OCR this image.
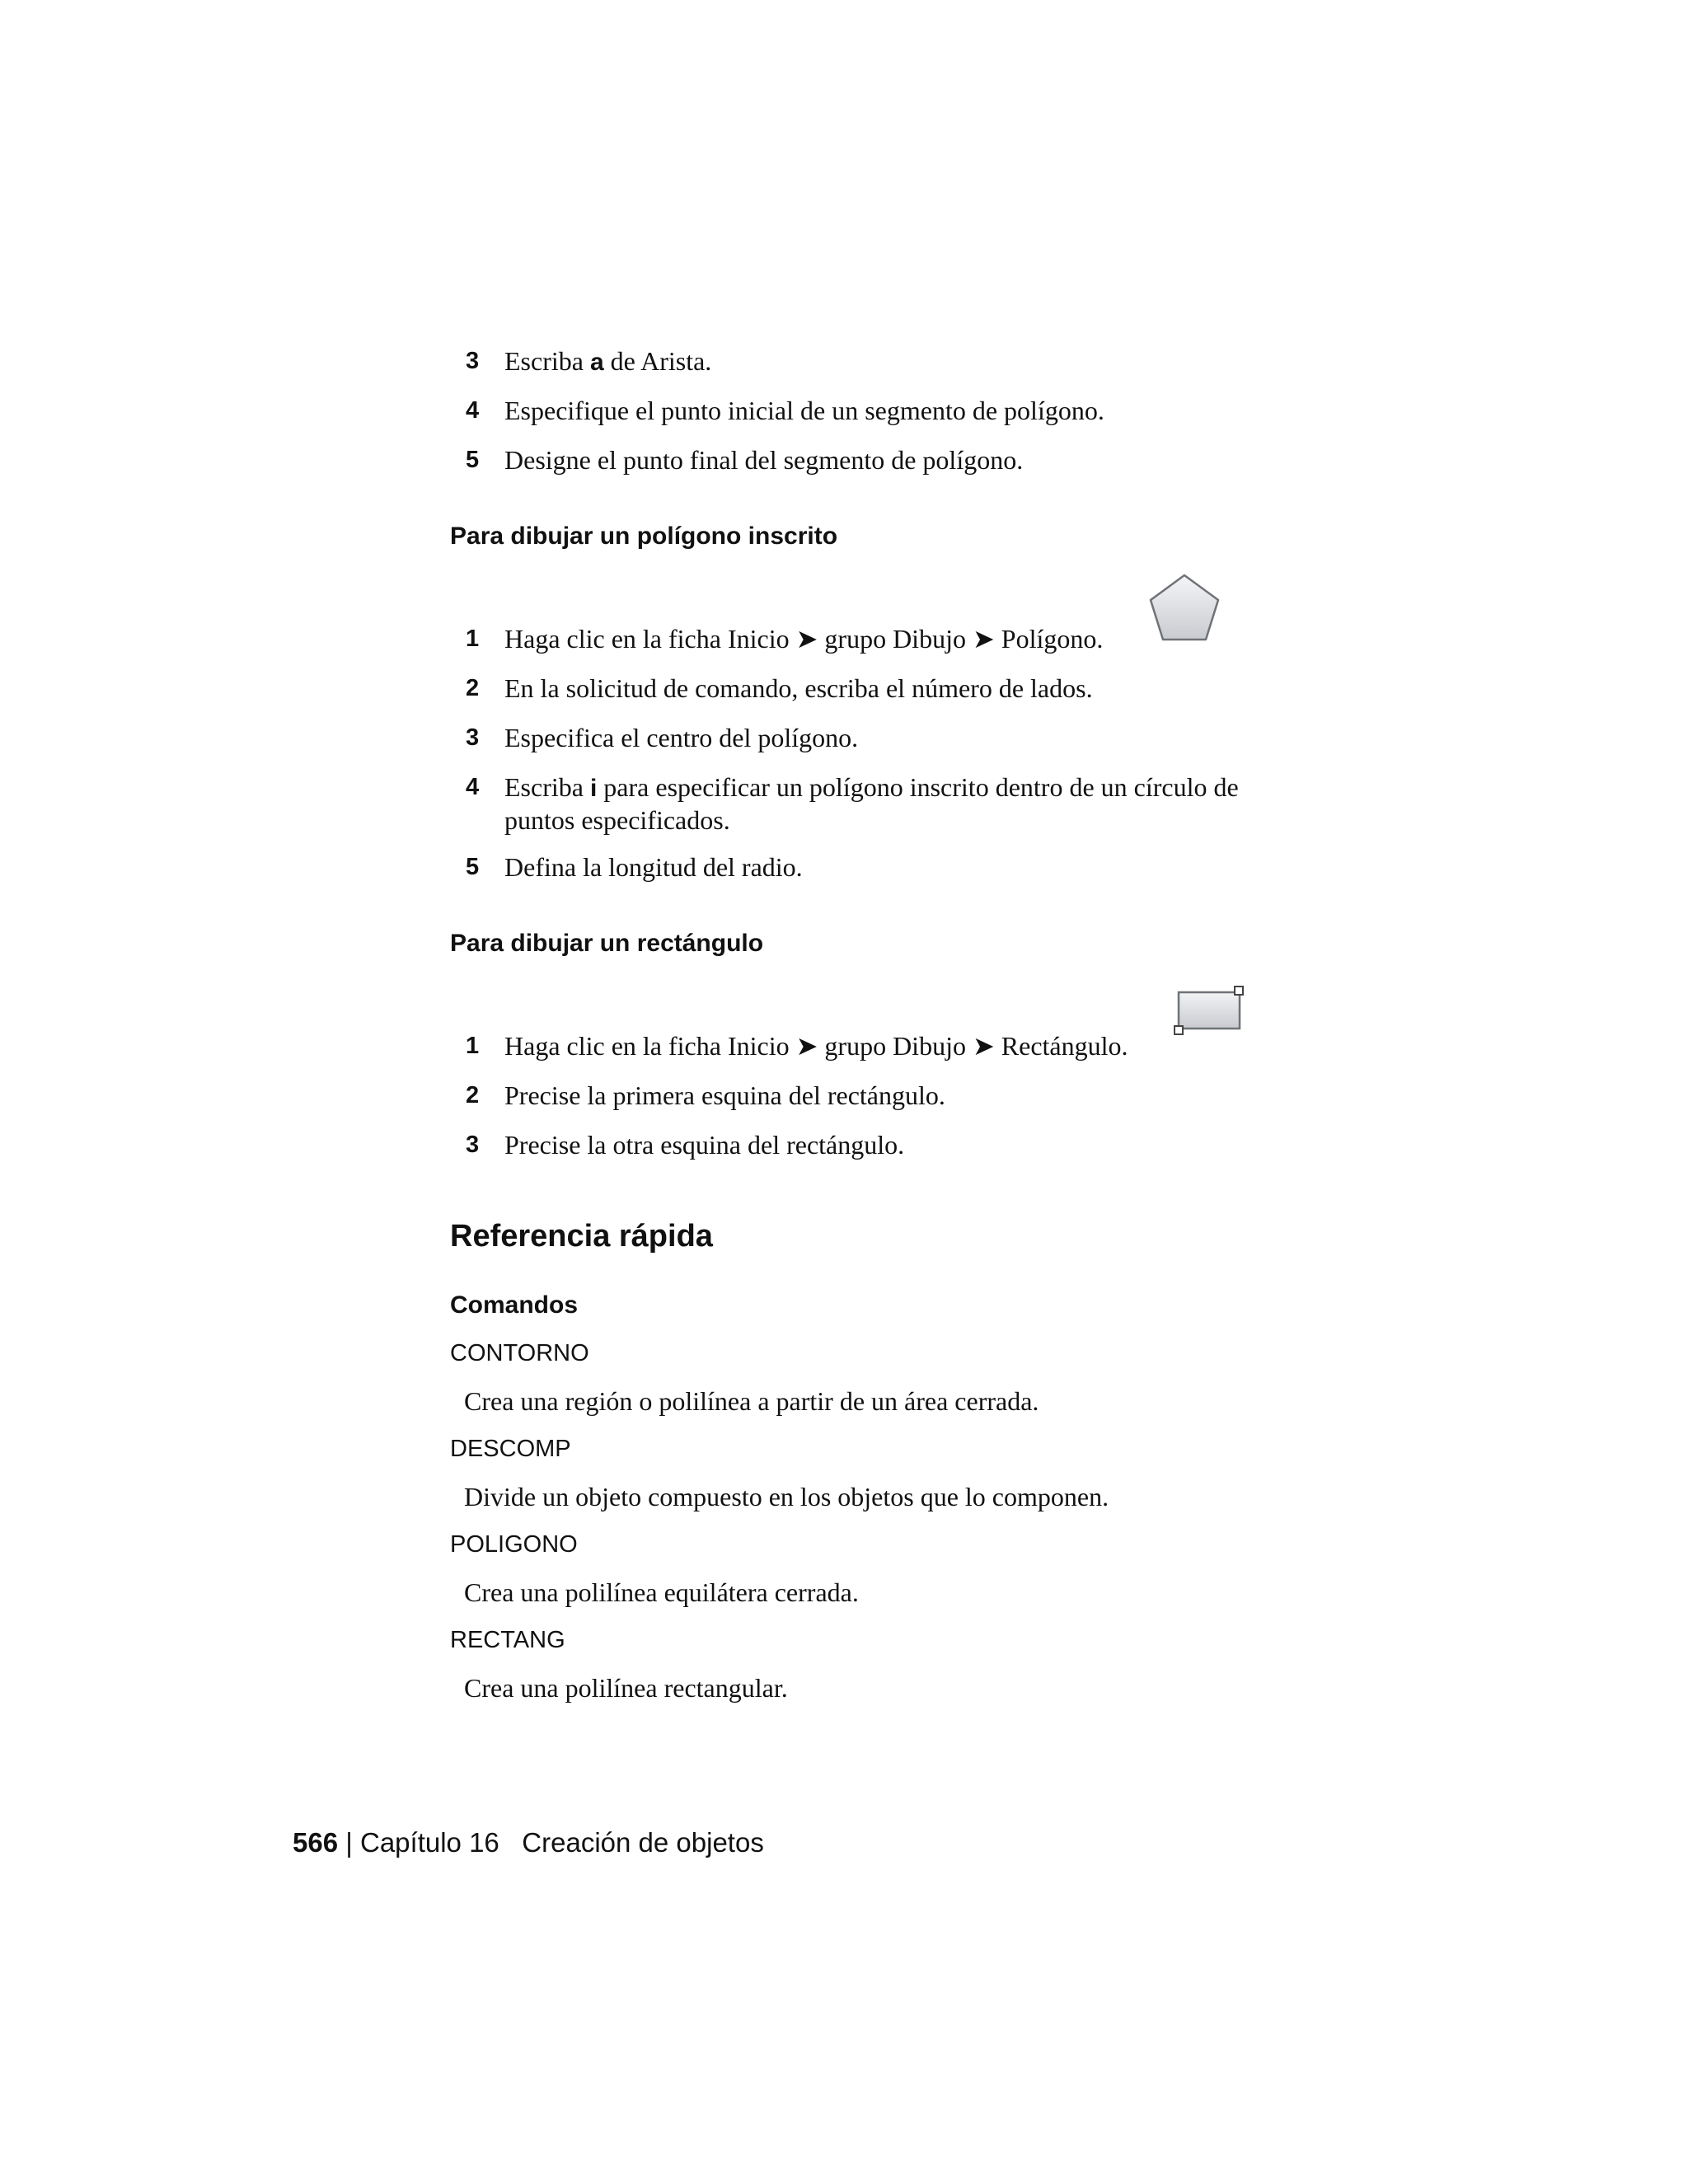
3 Escriba a de Arista.
4 Especifique el punto inicial de un segmento de polígono.
5 Designe el punto final del segmento de polígono.
Para dibujar un polígono inscrito
1 Haga clic en la ficha Inicio ➤ grupo Dibujo ➤ Polígono.
2 En la solicitud de comando, escriba el número de lados.
3 Especifica el centro del polígono.
4 Escriba i para especificar un polígono inscrito dentro de un círculo de
puntos especificados.
5 Defina la longitud del radio.
Para dibujar un rectángulo
1 Haga clic en la ficha Inicio ➤ grupo Dibujo ➤ Rectángulo.
2 Precise la primera esquina del rectángulo.
3 Precise la otra esquina del rectángulo.
Referencia rápida
Comandos
CONTORNO
Crea una región o polilínea a partir de un área cerrada.
DESCOMP
Divide un objeto compuesto en los objetos que lo componen.
POLIGONO
Crea una polilínea equilátera cerrada.
RECTANG
Crea una polilínea rectangular.
566 | Capítulo 16 Creación de objetos
